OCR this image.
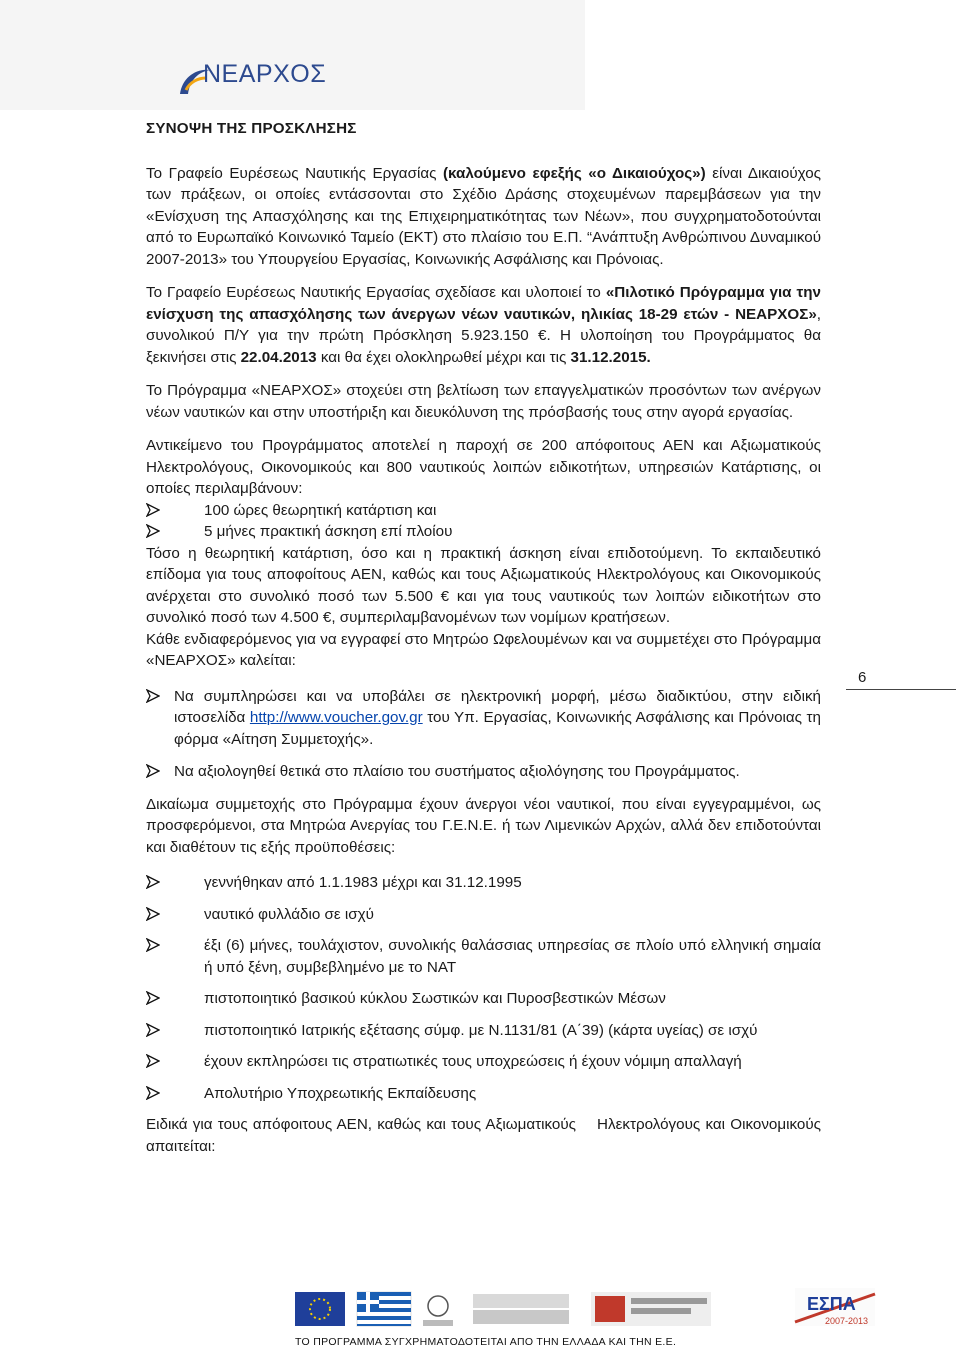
ΝΕΑΡΧΟΣ
ΣΥΝΟΨΗ ΤΗΣ ΠΡΟΣΚΛΗΣΗΣ

Το Γραφείο Ευρέσεως Ναυτικής Εργασίας (καλούμενο εφεξής «ο Δικαιούχος») είναι Δικαιούχος των πράξεων, οι οποίες εντάσσονται στο Σχέδιο Δράσης στοχευμένων παρεμβάσεων για την «Ενίσχυση της Απασχόλησης και της Επιχειρηματικότητας των Νέων», που συγχρηματοδοτούνται από το Ευρωπαϊκό Κοινωνικό Ταμείο (ΕΚΤ) στο πλαίσιο του Ε.Π. “Ανάπτυξη Ανθρώπινου Δυναμικού 2007-2013» του Υπουργείου Εργασίας, Κοινωνικής Ασφάλισης και Πρόνοιας.

Το Γραφείο Ευρέσεως Ναυτικής Εργασίας σχεδίασε και υλοποιεί το «Πιλοτικό Πρόγραμμα για την ενίσχυση της απασχόλησης των άνεργων νέων ναυτικών, ηλικίας 18-29 ετών - ΝΕΑΡΧΟΣ», συνολικού Π/Υ για την πρώτη Πρόσκληση 5.923.150 €. Η υλοποίηση του Προγράμματος θα ξεκινήσει στις 22.04.2013 και θα έχει ολοκληρωθεί μέχρι και τις 31.12.2015.

Το Πρόγραμμα «ΝΕΑΡΧΟΣ» στοχεύει στη βελτίωση των επαγγελματικών προσόντων των ανέργων νέων ναυτικών και στην υποστήριξη και διευκόλυνση της πρόσβασής τους στην αγορά εργασίας.

Αντικείμενο του Προγράμματος αποτελεί η παροχή σε 200 απόφοιτους ΑΕΝ και Αξιωματικούς Ηλεκτρολόγους, Οικονομικούς και 800 ναυτικούς λοιπών ειδικοτήτων, υπηρεσιών Κατάρτισης, οι οποίες περιλαμβάνουν:

100 ώρες θεωρητική κατάρτιση και
5 μήνες πρακτική άσκηση επί πλοίου

Τόσο η θεωρητική κατάρτιση, όσο και η πρακτική άσκηση είναι επιδοτούμενη. Το εκπαιδευτικό επίδομα για τους αποφοίτους ΑΕΝ, καθώς και τους Αξιωματικούς Ηλεκτρολόγους και Οικονομικούς ανέρχεται στο συνολικό ποσό των 5.500 € και για τους ναυτικούς των λοιπών ειδικοτήτων στο συνολικό ποσό των 4.500 €, συμπεριλαμβανομένων των νομίμων κρατήσεων.

Κάθε ενδιαφερόμενος για να εγγραφεί στο Μητρώο Ωφελουμένων και να συμμετέχει στο Πρόγραμμα «ΝΕΑΡΧΟΣ» καλείται:

Να συμπληρώσει και να υποβάλει σε ηλεκτρονική μορφή, μέσω διαδικτύου, στην ειδική ιστοσελίδα http://www.voucher.gov.gr του Υπ. Εργασίας, Κοινωνικής Ασφάλισης και Πρόνοιας τη φόρμα «Αίτηση Συμμετοχής».
Να αξιολογηθεί θετικά στο πλαίσιο του συστήματος αξιολόγησης του Προγράμματος.

Δικαίωμα συμμετοχής στο Πρόγραμμα έχουν άνεργοι νέοι ναυτικοί, που είναι εγγεγραμμένοι, ως προσφερόμενοι, στα Μητρώα Ανεργίας του Γ.Ε.Ν.Ε. ή των Λιμενικών Αρχών, αλλά δεν επιδοτούνται και διαθέτουν τις εξής προϋποθέσεις:

γεννήθηκαν από 1.1.1983 μέχρι και 31.12.1995
ναυτικό φυλλάδιο σε ισχύ
έξι (6) μήνες, τουλάχιστον, συνολικής θαλάσσιας υπηρεσίας σε πλοίο υπό ελληνική σημαία ή υπό ξένη, συμβεβλημένο με το ΝΑΤ
πιστοποιητικό βασικού κύκλου Σωστικών και Πυροσβεστικών Μέσων
πιστοποιητικό Ιατρικής εξέτασης σύμφ. με Ν.1131/81 (Α΄39) (κάρτα υγείας) σε ισχύ
έχουν εκπληρώσει τις στρατιωτικές τους υποχρεώσεις ή έχουν νόμιμη απαλλαγή
Απολυτήριο Υποχρεωτικής Εκπαίδευσης

Ειδικά για τους απόφοιτους ΑΕΝ, καθώς και τους Αξιωματικούς    Ηλεκτρολόγους και Οικονομικούς απαιτείται:

6
ΕΣΠΑ
2007-2013
ΤΟ ΠΡΟΓΡΑΜΜΑ ΣΥΓΧΡΗΜΑΤΟΔΟΤΕΙΤΑΙ ΑΠΟ ΤΗΝ ΕΛΛΑΔΑ ΚΑΙ ΤΗΝ Ε.Ε.
